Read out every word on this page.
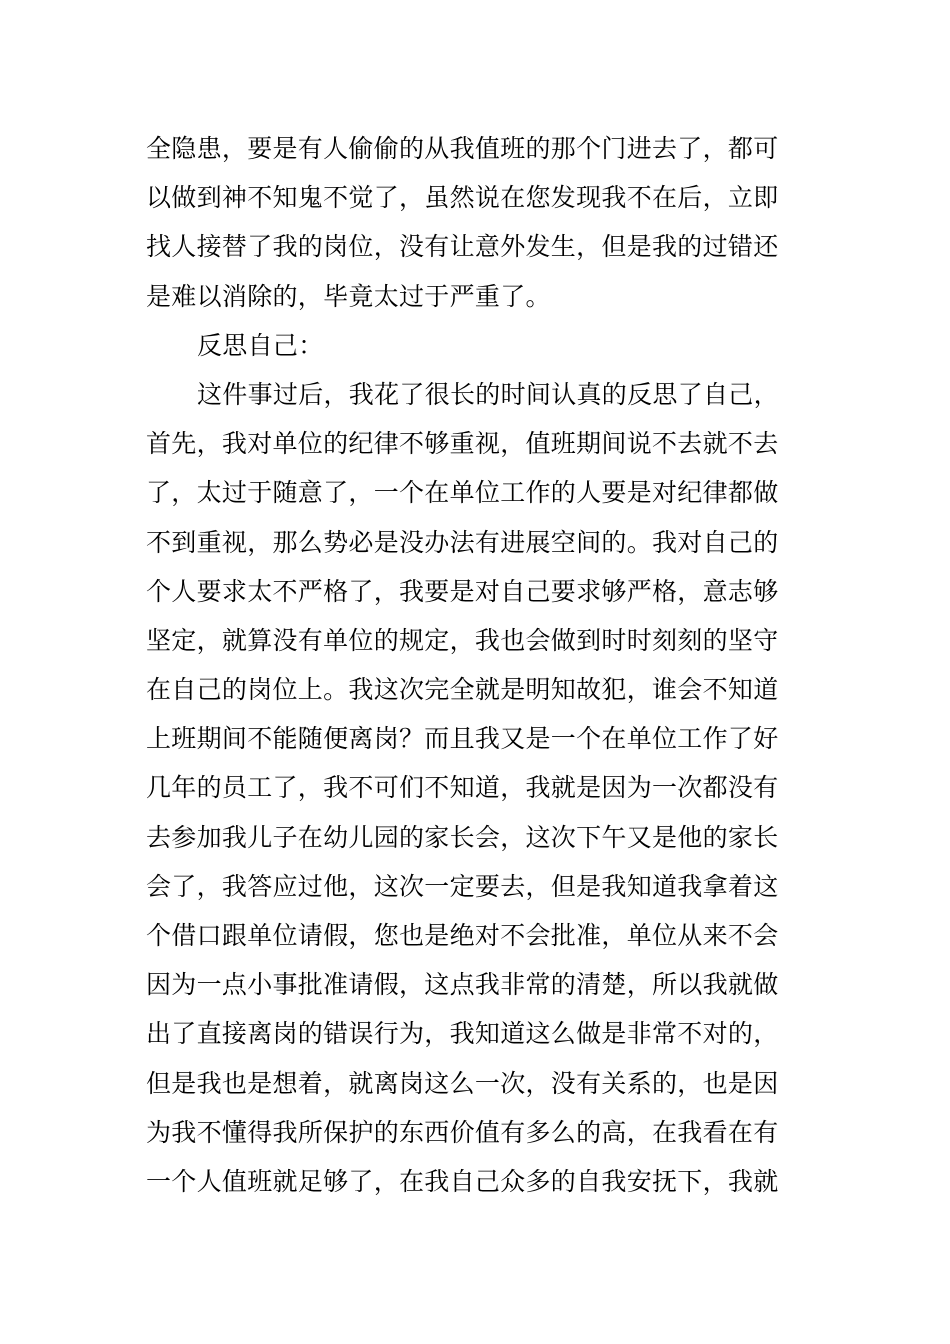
全隐患，要是有人偷偷的从我值班的那个门进去了，都可
以做到神不知鬼不觉了，虽然说在您发现我不在后，立即
找人接替了我的岗位，没有让意外发生，但是我的过错还
是难以消除的，毕竟太过于严重了。
反思自己：
这件事过后，我花了很长的时间认真的反思了自己，
首先，我对单位的纪律不够重视，值班期间说不去就不去
了，太过于随意了，一个在单位工作的人要是对纪律都做
不到重视，那么势必是没办法有进展空间的。我对自己的
个人要求太不严格了，我要是对自己要求够严格，意志够
坚定，就算没有单位的规定，我也会做到时时刻刻的坚守
在自己的岗位上。我这次完全就是明知故犯，谁会不知道
上班期间不能随便离岗？而且我又是一个在单位工作了好
几年的员工了，我不可们不知道，我就是因为一次都没有
去参加我儿子在幼儿园的家长会，这次下午又是他的家长
会了，我答应过他，这次一定要去，但是我知道我拿着这
个借口跟单位请假，您也是绝对不会批准，单位从来不会
因为一点小事批准请假，这点我非常的清楚，所以我就做
出了直接离岗的错误行为，我知道这么做是非常不对的，
但是我也是想着，就离岗这么一次，没有关系的，也是因
为我不懂得我所保护的东西价值有多么的高，在我看在有
一个人值班就足够了，在我自己众多的自我安抚下，我就
